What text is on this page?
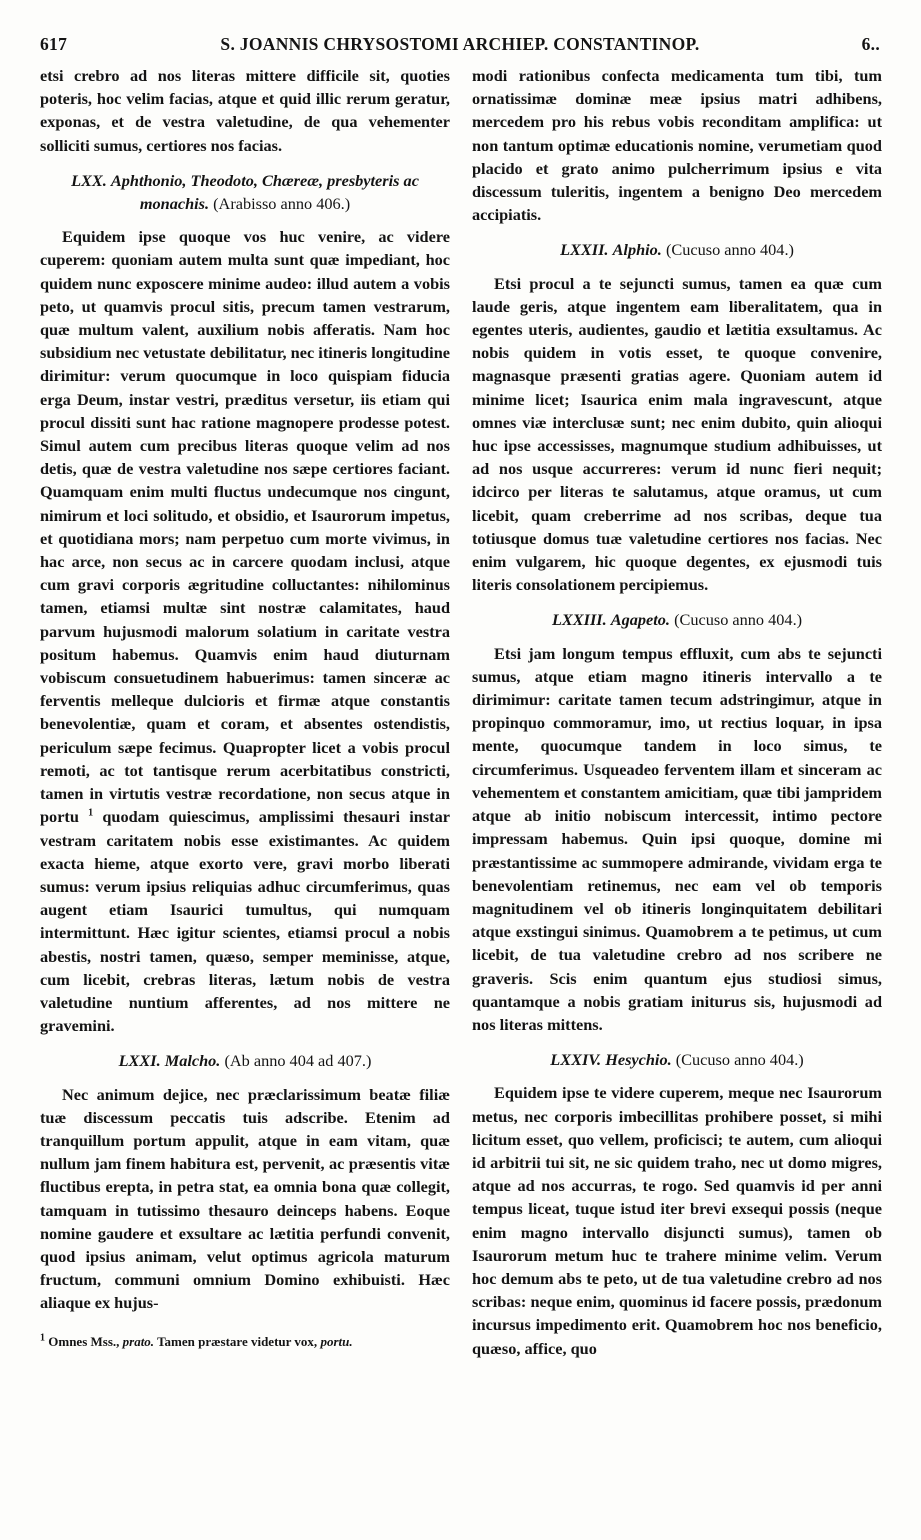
617	S. JOANNIS CHRYSOSTOMI ARCHIEP. CONSTANTINOP.	6..

etsi crebro ad nos literas mittere difficile sit, quoties poteris, hoc velim facias, atque et quid illic rerum geratur, exponas, et de vestra valetudine, de qua vehementer solliciti sumus, certiores nos facias.

LXX. Aphthonio, Theodoto, Chæreæ, presbyteris ac monachis. (Arabisso anno 406.)

Equidem ipse quoque vos huc venire, ac videre cuperem: quoniam autem multa sunt quæ impediant, hoc quidem nunc exposcere minime audeo: illud autem a vobis peto, ut quamvis procul sitis, precum tamen vestrarum, quæ multum valent, auxilium nobis afferatis. Nam hoc subsidium nec vetustate debilitatur, nec itineris longitudine dirimitur: verum quocumque in loco quispiam fiducia erga Deum, instar vestri, præditus versetur, iis etiam qui procul dissiti sunt hac ratione magnopere prodesse potest. Simul autem cum precibus literas quoque velim ad nos detis, quæ de vestra valetudine nos sæpe certiores faciant. Quamquam enim multi fluctus undecumque nos cingunt, nimirum et loci solitudo, et obsidio, et Isaurorum impetus, et quotidiana mors; nam perpetuo cum morte vivimus, in hac arce, non secus ac in carcere quodam inclusi, atque cum gravi corporis ægritudine colluctantes: nihilominus tamen, etiamsi multæ sint nostræ calamitates, haud parvum hujusmodi malorum solatium in caritate vestra positum habemus. Quamvis enim haud diuturnam vobiscum consuetudinem habuerimus: tamen sinceræ ac ferventis melleque dulcioris et firmæ atque constantis benevolentiæ, quam et coram, et absentes ostendistis, periculum sæpe fecimus. Quapropter licet a vobis procul remoti, ac tot tantisque rerum acerbitatibus constricti, tamen in virtutis vestræ recordatione, non secus atque in portu $^1$ quodam quiescimus, amplissimi thesauri instar vestram caritatem nobis esse existimantes. Ac quidem exacta hieme, atque exorto vere, gravi morbo liberati sumus: verum ipsius reliquias adhuc circumferimus, quas augent etiam Isaurici tumultus, qui numquam intermittunt. Hæc igitur scientes, etiamsi procul a nobis abestis, nostri tamen, quæso, semper meminisse, atque, cum licebit, crebras literas, lætum nobis de vestra valetudine nuntium afferentes, ad nos mittere ne gravemini.

LXXI. Malcho. (Ab anno 404 ad 407.)

Nec animum dejice, nec præclarissimum beatæ filiæ tuæ discessum peccatis tuis adscribe. Etenim ad tranquillum portum appulit, atque in eam vitam, quæ nullum jam finem habitura est, pervenit, ac præsentis vitæ fluctibus erepta, in petra stat, ea omnia bona quæ collegit, tamquam in tutissimo thesauro deinceps habens. Eoque nomine gaudere et exsultare ac lætitia perfundi convenit, quod ipsius animam, velut optimus agricola maturum fructum, communi omnium Domino exhibuisti. Hæc aliaque ex hujus-

$^1$ Omnes Mss., prato. Tamen præstare videtur vox, portu.

modi rationibus confecta medicamenta tum tibi, tum ornatissimæ dominæ meæ ipsius matri adhibens, mercedem pro his rebus vobis reconditam amplifica: ut non tantum optimæ educationis nomine, verumetiam quod placido et grato animo pulcherrimum ipsius e vita discessum tuleritis, ingentem a benigno Deo mercedem accipiatis.

LXXII. Alphio. (Cucuso anno 404.)

Etsi procul a te sejuncti sumus, tamen ea quæ cum laude geris, atque ingentem eam liberalitatem, qua in egentes uteris, audientes, gaudio et lætitia exsultamus. Ac nobis quidem in votis esset, te quoque convenire, magnasque præsenti gratias agere. Quoniam autem id minime licet; Isaurica enim mala ingravescunt, atque omnes viæ interclusæ sunt; nec enim dubito, quin alioqui huc ipse accessisses, magnumque studium adhibuisses, ut ad nos usque accurreres: verum id nunc fieri nequit; idcirco per literas te salutamus, atque oramus, ut cum licebit, quam creberrime ad nos scribas, deque tua totiusque domus tuæ valetudine certiores nos facias. Nec enim vulgarem, hic quoque degentes, ex ejusmodi tuis literis consolationem percipiemus.

LXXIII. Agapeto. (Cucuso anno 404.)

Etsi jam longum tempus effluxit, cum abs te sejuncti sumus, atque etiam magno itineris intervallo a te dirimimur: caritate tamen tecum adstringimur, atque in propinquo commoramur, imo, ut rectius loquar, in ipsa mente, quocumque tandem in loco simus, te circumferimus. Usqueadeo ferventem illam et sinceram ac vehementem et constantem amicitiam, quæ tibi jampridem atque ab initio nobiscum intercessit, intimo pectore impressam habemus. Quin ipsi quoque, domine mi præstantissime ac summopere admirande, vividam erga te benevolentiam retinemus, nec eam vel ob temporis magnitudinem vel ob itineris longinquitatem debilitari atque exstingui sinimus. Quamobrem a te petimus, ut cum licebit, de tua valetudine crebro ad nos scribere ne graveris. Scis enim quantum ejus studiosi simus, quantamque a nobis gratiam initurus sis, hujusmodi ad nos literas mittens.

LXXIV. Hesychio. (Cucuso anno 404.)

Equidem ipse te videre cuperem, meque nec Isaurorum metus, nec corporis imbecillitas prohibere posset, si mihi licitum esset, quo vellem, proficisci; te autem, cum alioqui id arbitrii tui sit, ne sic quidem traho, nec ut domo migres, atque ad nos accurras, te rogo. Sed quamvis id per anni tempus liceat, tuque istud iter brevi exsequi possis (neque enim magno intervallo disjuncti sumus), tamen ob Isaurorum metum huc te trahere minime velim. Verum hoc demum abs te peto, ut de tua valetudine crebro ad nos scribas: neque enim, quominus id facere possis, prædonum incursus impedimento erit. Quamobrem hoc nos beneficio, quæso, affice, quo
